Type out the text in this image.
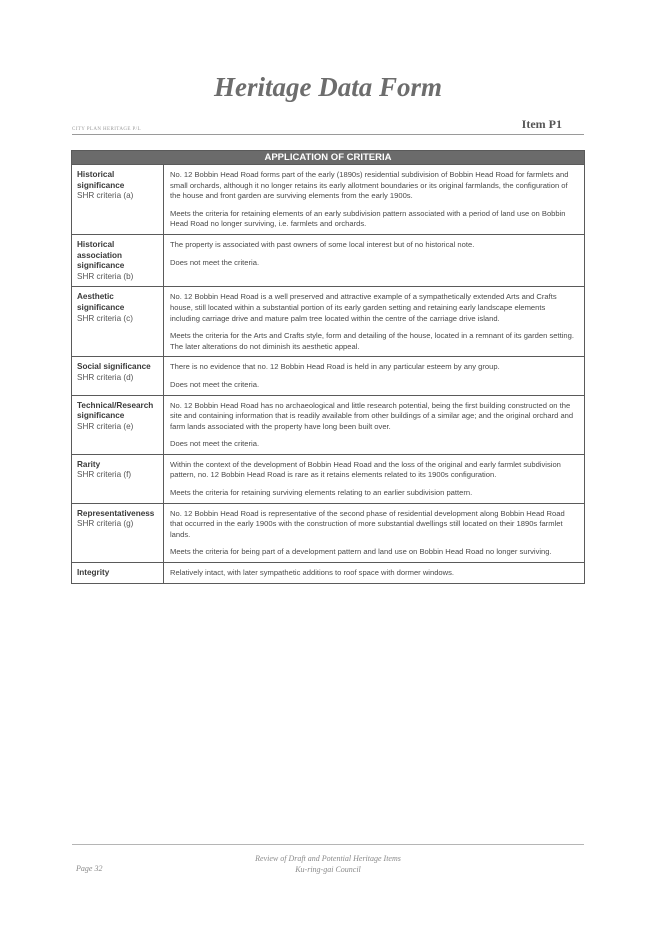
Heritage Data Form
Item P1
CITY PLAN HERITAGE P/L
APPLICATION OF CRITERIA
Historical
significance
SHR criteria (a)

No. 12 Bobbin Head Road forms part of the early (1890s) residential subdivision of Bobbin Head Road for farmlets and small orchards, although it no longer retains its early allotment boundaries or its original farmlands, the configuration of the house and front garden are surviving elements from the early 1900s.

Meets the criteria for retaining elements of an early subdivision pattern associated with a period of land use on Bobbin Head Road no longer surviving, i.e. farmlets and orchards.

Historical
association
significance
SHR criteria (b)

The property is associated with past owners of some local interest but of no historical note.

Does not meet the criteria.

Aesthetic
significance
SHR criteria (c)

No. 12 Bobbin Head Road is a well preserved and attractive example of a sympathetically extended Arts and Crafts house, still located within a substantial portion of its early garden setting and retaining early landscape elements including carriage drive and mature palm tree located within the centre of the carriage drive island.

Meets the criteria for the Arts and Crafts style, form and detailing of the house, located in a remnant of its garden setting. The later alterations do not diminish its aesthetic appeal.

Social significance
SHR criteria (d)

There is no evidence that no. 12 Bobbin Head Road is held in any particular esteem by any group.

Does not meet the criteria.

Technical/Research
significance
SHR criteria (e)

No. 12 Bobbin Head Road has no archaeological and little research potential, being the first building constructed on the site and containing information that is readily available from other buildings of a similar age; and the original orchard and farm lands associated with the property have long been built over.

Does not meet the criteria.

Rarity
SHR criteria (f)

Within the context of the development of Bobbin Head Road and the loss of the original and early farmlet subdivision pattern, no. 12 Bobbin Head Road is rare as it retains elements related to its 1900s configuration.

Meets the criteria for retaining surviving elements relating to an earlier subdivision pattern.

Representativeness
SHR criteria (g)

No. 12 Bobbin Head Road is representative of the second phase of residential development along Bobbin Head Road that occurred in the early 1900s with the construction of more substantial dwellings still located on their 1890s farmlet lands.

Meets the criteria for being part of a development pattern and land use on Bobbin Head Road no longer surviving.

Integrity	Relatively intact, with later sympathetic additions to roof space with dormer windows.

Review of Draft and Potential Heritage Items
Ku-ring-gai Council
Page 32
